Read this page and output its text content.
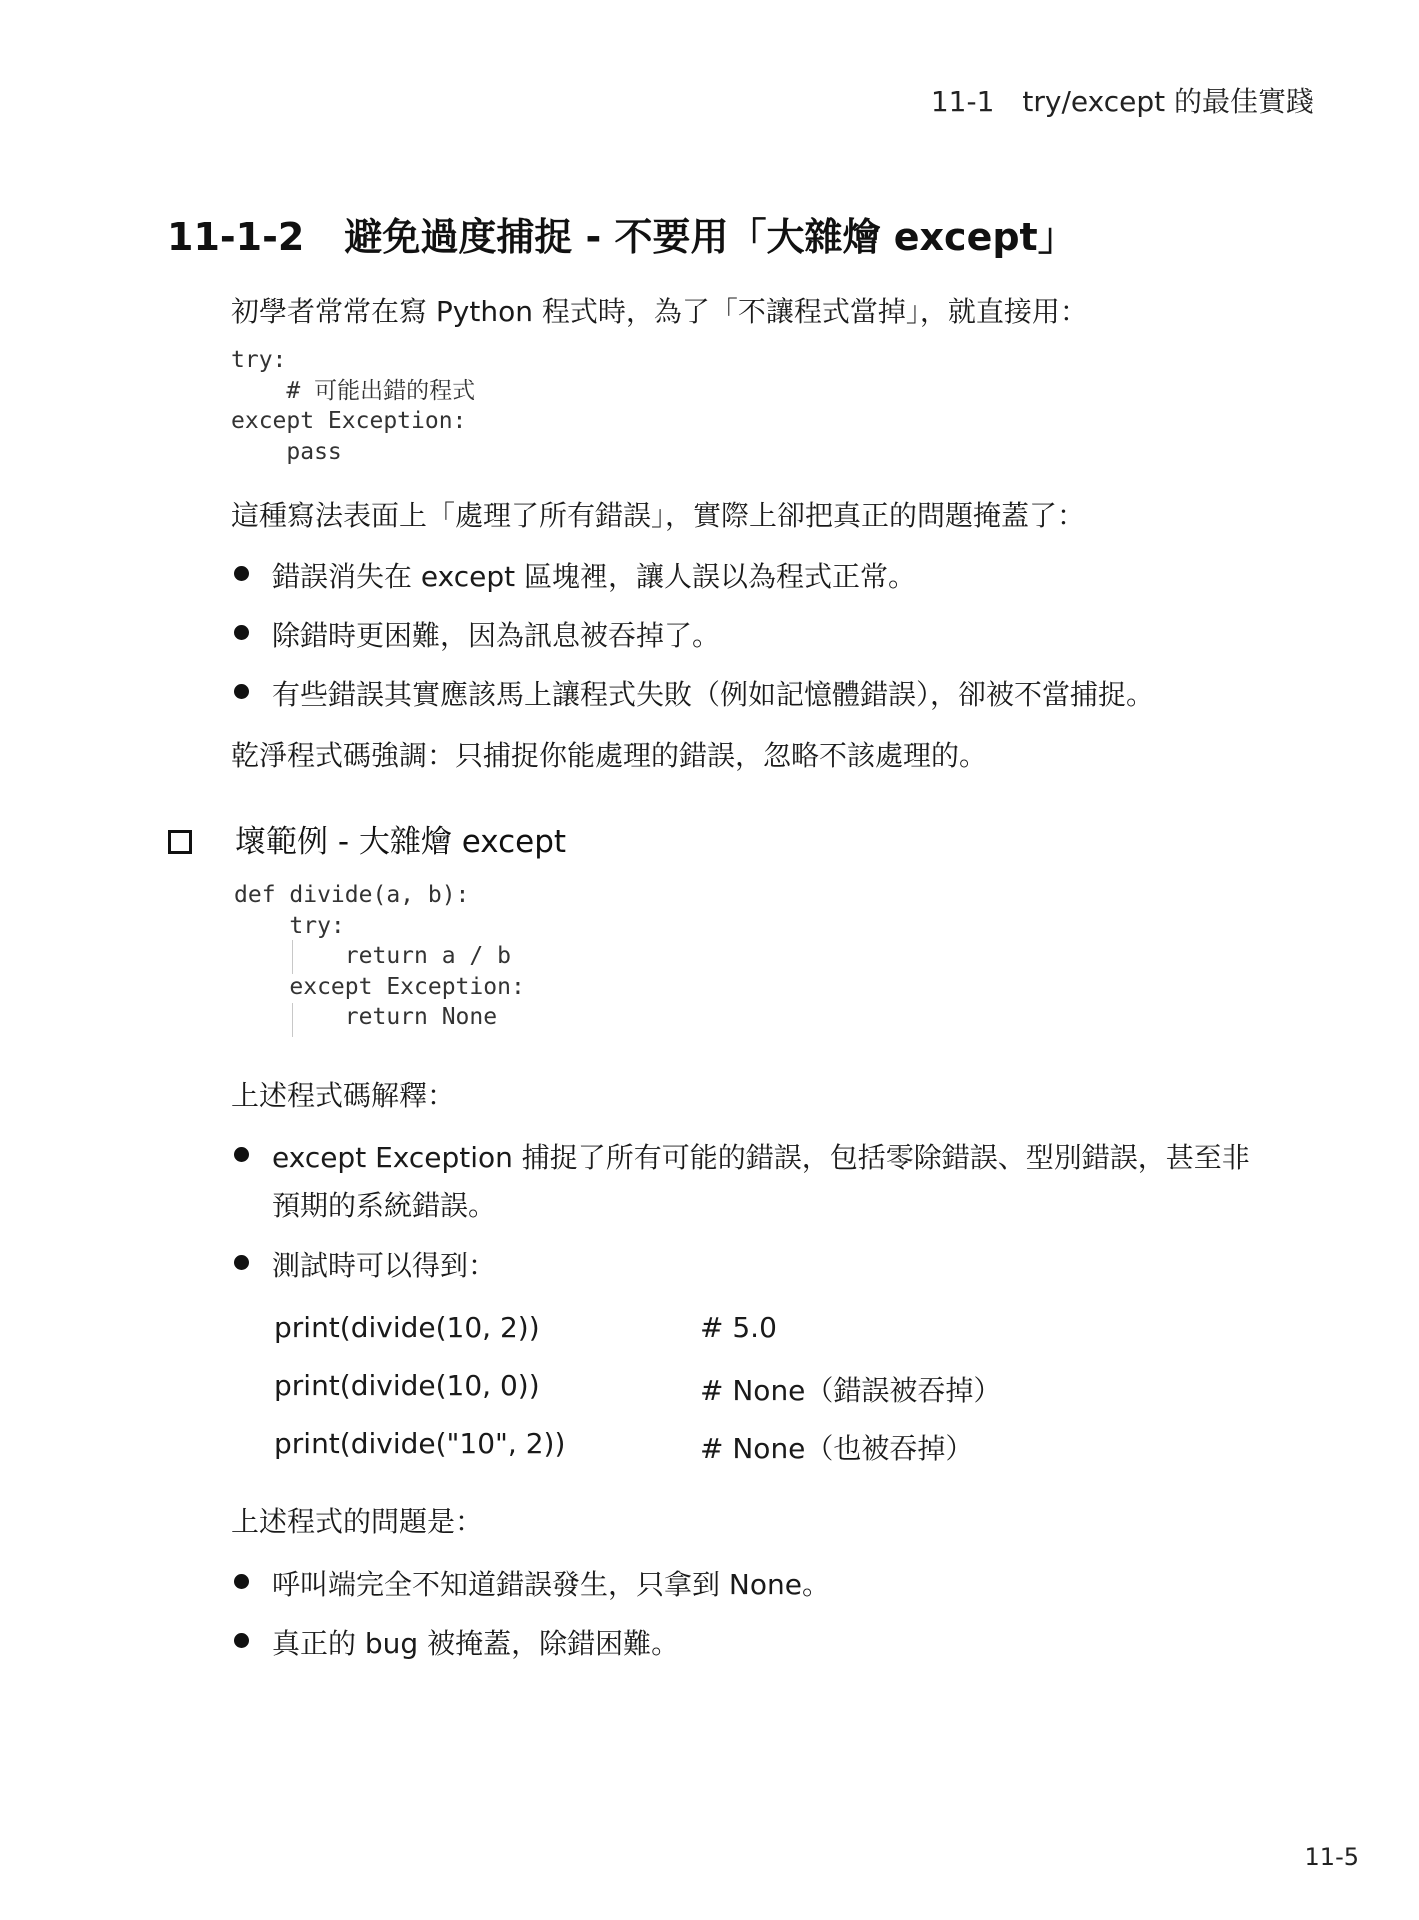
11-1 try/except 的最佳實踐
11-1-2 避免過度捕捉 - 不要用「大雜燴 except」
初學者常常在寫 Python 程式時，為了「不讓程式當掉」，就直接用：
try:
# 可能出錯的程式
except Exception:
pass
這種寫法表面上「處理了所有錯誤」，實際上卻把真正的問題掩蓋了：
錯誤消失在 except 區塊裡，讓人誤以為程式正常。
除錯時更困難，因為訊息被吞掉了。
有些錯誤其實應該馬上讓程式失敗（例如記憶體錯誤），卻被不當捕捉。
乾淨程式碼強調：只捕捉你能處理的錯誤，忽略不該處理的。
壞範例 - 大雜燴 except
def divide(a, b):
try:
return a / b
except Exception:
return None
上述程式碼解釋：
except Exception 捕捉了所有可能的錯誤，包括零除錯誤、型別錯誤，甚至非
預期的系統錯誤。
測試時可以得到：
print(divide(10, 2))	# 5.0
print(divide(10, 0))	# None（錯誤被吞掉）
print(divide("10", 2))	# None（也被吞掉）
上述程式的問題是：
呼叫端完全不知道錯誤發生，只拿到 None。
真正的 bug 被掩蓋，除錯困難。
11-5
